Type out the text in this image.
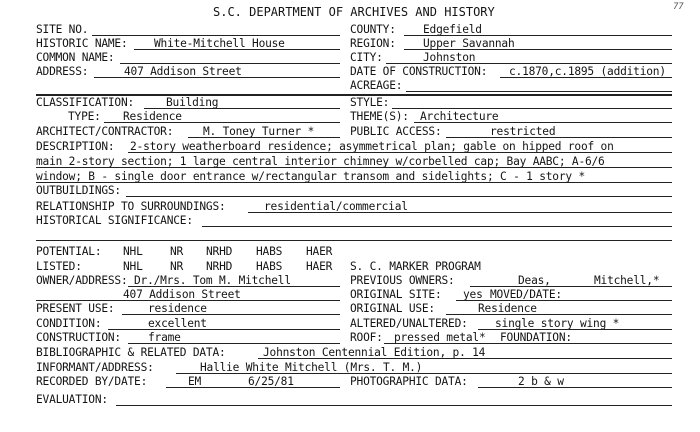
77
S.C. DEPARTMENT OF ARCHIVES AND HISTORY
SITE NO.
HISTORIC NAME: White-Mitchell House
COMMON NAME:
ADDRESS:	407 Addison Street
COUNTY: Edgefield
REGION: Upper Savannah
CITY:	Johnston
DATE OF CONSTRUCTION: c.1870,c.1895 (addition)
ACREAGE:
CLASSIFICATION:	Building	STYLE:
TYPE: Residence	THEME(S): Architecture
ARCHITECT/CONTRACTOR:	M. Toney Turner *	PUBLIC ACCESS:	restricted
DESCRIPTION: 2-story weatherboard residence; asymmetrical plan; gable on hipped roof on
main 2-story section; 1 large central interior chimney w/corbelled cap; Bay AABC; A-6/6
window; B - single door entrance w/rectangular transom and sidelights; C - 1 story *
OUTBUILDINGS:
RELATIONSHIP TO SURROUNDINGS:	residential/commercial
HISTORICAL SIGNIFICANCE:
POTENTIAL: NHL NR NRHD HABS HAER
LISTED:	NHL NR NRHD HABS HAER S. C. MARKER PROGRAM
OWNER/ADDRESS: Dr./Mrs. Tom M. Mitchell
407 Addison Street
PREVIOUS OWNERS:	Deas,	Mitchell,*
ORIGINAL SITE: yes MOVED/DATE:
PRESENT USE:	residence	ORIGINAL USE:	Residence
CONDITION:	excellent	ALTERED/UNALTERED: single story wing *
CONSTRUCTION: frame	ROOF: pressed metal* FOUNDATION:
BIBLIOGRAPHIC & RELATED DATA:	Johnston Centennial Edition, p. 14
INFORMANT/ADDRESS:	Hallie White Mitchell (Mrs. T. M.)
RECORDED BY/DATE:	EM	6/25/81	PHOTOGRAPHIC DATA:	2 b & w
EVALUATION:
